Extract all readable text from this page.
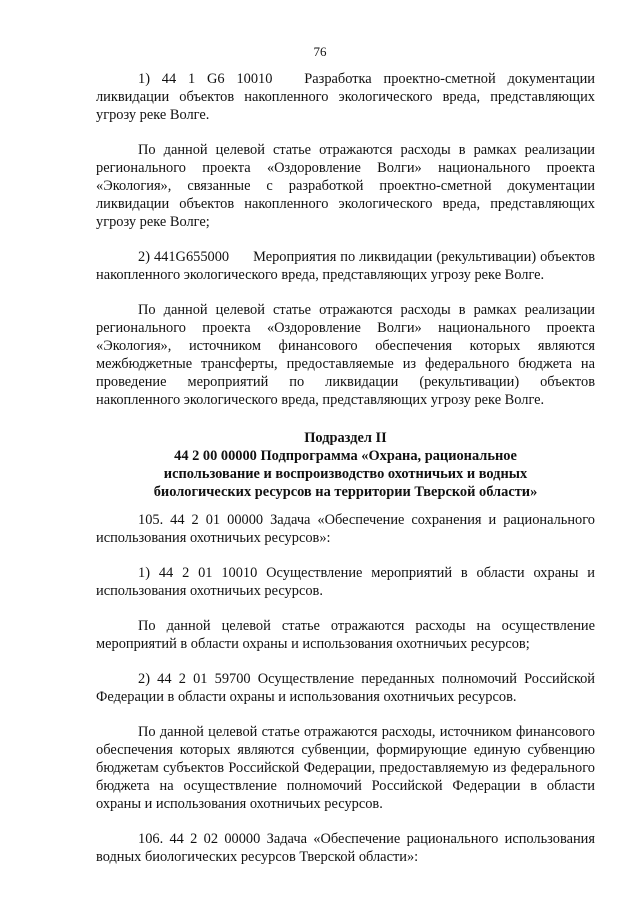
76

1) 44 1 G6 10010 Разработка проектно-сметной документации ликвидации объектов накопленного экологического вреда, представляющих угрозу реке Волге.

По данной целевой статье отражаются расходы в рамках реализации регионального проекта «Оздоровление Волги» национального проекта «Экология», связанные с разработкой проектно-сметной документации ликвидации объектов накопленного экологического вреда, представляющих угрозу реке Волге;

2) 441G655000 Мероприятия по ликвидации (рекультивации) объектов накопленного экологического вреда, представляющих угрозу реке Волге.

По данной целевой статье отражаются расходы в рамках реализации регионального проекта «Оздоровление Волги» национального проекта «Экология», источником финансового обеспечения которых являются межбюджетные трансферты, предоставляемые из федерального бюджета на проведение мероприятий по ликвидации (рекультивации) объектов накопленного экологического вреда, представляющих угрозу реке Волге.

Подраздел II
44 2 00 00000 Подпрограмма «Охрана, рациональное
использование и воспроизводство охотничьих и водных
биологических ресурсов на территории Тверской области»

105. 44 2 01 00000 Задача «Обеспечение сохранения и рационального использования охотничьих ресурсов»:

1) 44 2 01 10010 Осуществление мероприятий в области охраны и использования охотничьих ресурсов.

По данной целевой статье отражаются расходы на осуществление мероприятий в области охраны и использования охотничьих ресурсов;

2) 44 2 01 59700 Осуществление переданных полномочий Российской Федерации в области охраны и использования охотничьих ресурсов.

По данной целевой статье отражаются расходы, источником финансового обеспечения которых являются субвенции, формирующие единую субвенцию бюджетам субъектов Российской Федерации, предоставляемую из федерального бюджета на осуществление полномочий Российской Федерации в области охраны и использования охотничьих ресурсов.

106. 44 2 02 00000 Задача «Обеспечение рационального использования водных биологических ресурсов Тверской области»:
